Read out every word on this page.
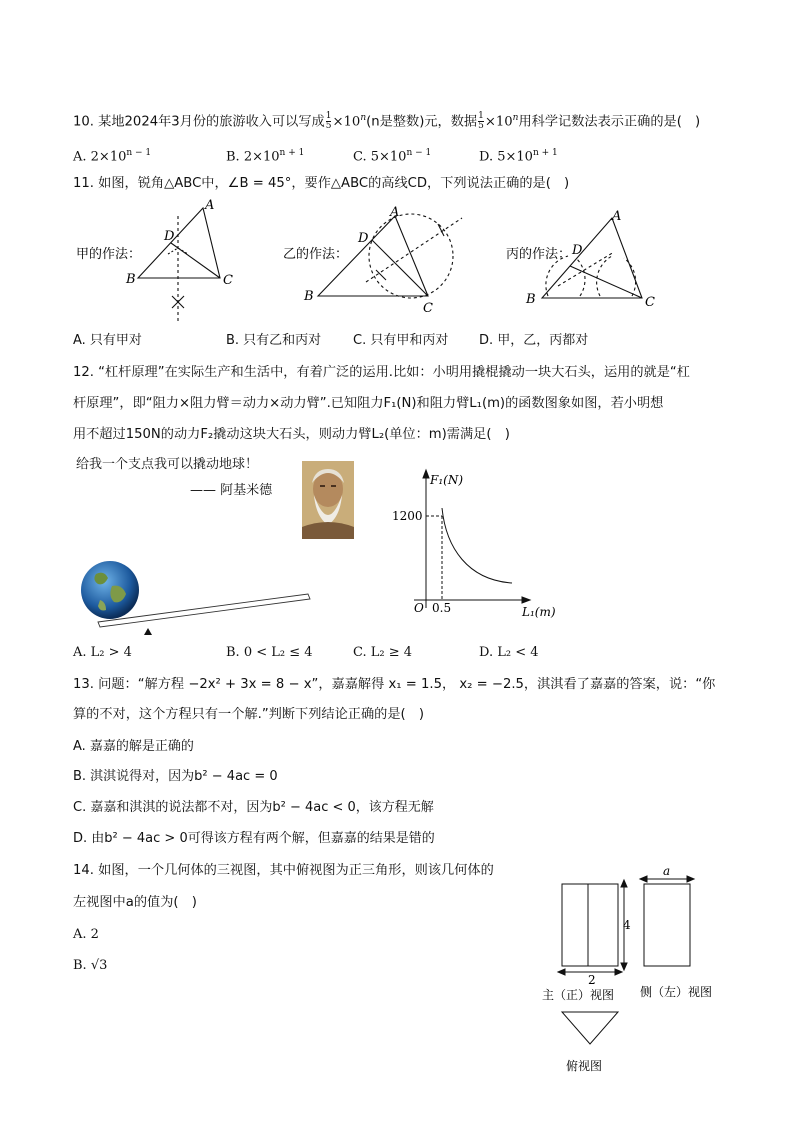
10. 某地2024年3月份的旅游收入可以写成 $\frac{1}{5} \times 10^n(n$是整数)元，数据 $\frac{1}{5} \times 10^n$用科学记数法表示正确的是(　)
A. $2\times 10^{n - 1}$	B. $2\times 10^{n + 1}$	C. $5\times 10^{n - 1}$	D. $5\times 10^{n + 1}$
11. 如图，锐角△ABC中，∠B = 45°，要作△ABC的高线CD，下列说法正确的是(　)
甲的作法：
A
B	C
D
乙的作法：
A
B
C
D
丙的作法：
A
B	C
D
A. 只有甲对	B. 只有乙和丙对 C. 只有甲和丙对 D. 甲，乙，丙都对
12. “杠杆原理”在实际生产和生活中，有着广泛的运用.比如：小明用撬棍撬动一块大石头，运用的就是“杠
杆原理”，即“阻力×阻力臂＝动力×动力臂”.已知阻力F₁(N)和阻力臂L₁(m)的函数图象如图，若小明想
用不超过150N的动力F₂撬动这块大石头，则动力臂L₂(单位：m)需满足(　)
给我一个支点我可以撬动地球！
—— 阿基米德
F₁(N)
1200
O 0.5	L₁(m)
A. L₂ > 4	B. 0 < L₂ ≤ 4	C. L₂ ≥ 4	D. L₂ < 4
13. 问题：“解方程 −2x² + 3x = 8 − x”，嘉嘉解得 x₁ = 1.5， x₂ = −2.5，淇淇看了嘉嘉的答案，说：“你
算的不对，这个方程只有一个解.”判断下列结论正确的是(　)
A. 嘉嘉的解是正确的
B. 淇淇说得对，因为b² − 4ac = 0
C. 嘉嘉和淇淇的说法都不对，因为b² − 4ac < 0，该方程无解
D. 由b² − 4ac > 0可得该方程有两个解，但嘉嘉的结果是错的
14. 如图，一个几何体的三视图，其中俯视图为正三角形，则该几何体的
左视图中a的值为(　)
A. 2
B. √3
a
4
2
主（正）视图 侧（左）视图
俯视图
